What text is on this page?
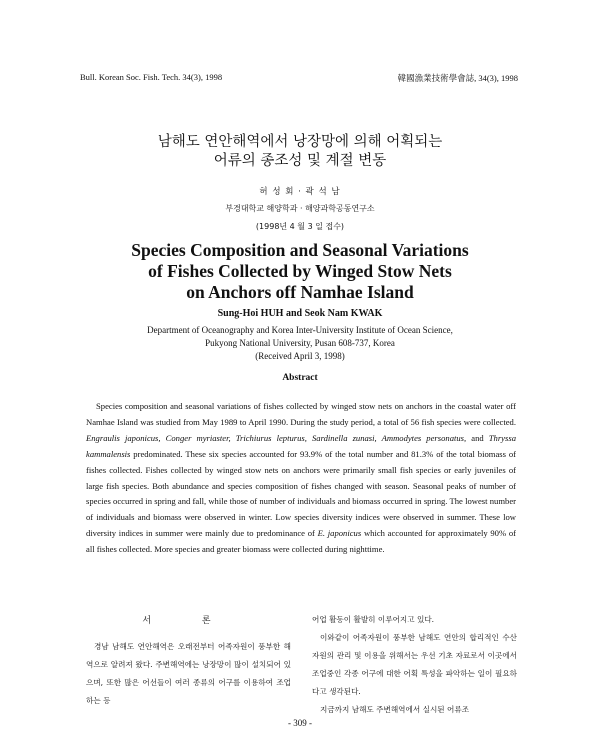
Bull. Korean Soc. Fish. Tech. 34(3), 1998	韓國漁業技術學會誌, 34(3), 1998
남해도 연안해역에서 낭장망에 의해 어획되는
어류의 종조성 및 계절 변동
허 성 회 · 곽 석 남
부경대학교 해양학과 · 해양과학공동연구소
(1998년 4 월 3 일 접수)
Species Composition and Seasonal Variations
of Fishes Collected by Winged Stow Nets
on Anchors off Namhae Island
Sung-Hoi HUH and Seok Nam KWAK
Department of Oceanography and Korea Inter-University Institute of Ocean Science,
Pukyong National University, Pusan 608-737, Korea
(Received April 3, 1998)
Abstract
Species composition and seasonal variations of fishes collected by winged stow nets on anchors in the coastal water off Namhae Island was studied from May 1989 to April 1990. During the study period, a total of 56 fish species were collected. Engraulis japonicus, Conger myriaster, Trichiurus lepturus, Sardinella zunasi, Ammodytes personatus, and Thryssa kammalensis predominated. These six species accounted for 93.9% of the total number and 81.3% of the total biomass of fishes collected. Fishes collected by winged stow nets on anchors were primarily small fish species or early juveniles of large fish species. Both abundance and species composition of fishes changed with season. Seasonal peaks of number of species occurred in spring and fall, while those of number of individuals and biomass occurred in spring. The lowest number of individuals and biomass were observed in winter. Low species diversity indices were observed in summer. These low diversity indices in summer were mainly due to predominance of E. japonicus which accounted for approximately 90% of all fishes collected. More species and greater biomass were collected during nighttime.
서 론
경남 남해도 연안해역은 오래전부터 어족자원이 풍부한 해역으로 알려져 왔다. 주변해역에는 낭장망이 많이 설치되어 있으며, 또한 많은 어선들이 여러 종류의 어구를 이용하여 조업하는 등
어업 활동이 활발히 이루어지고 있다.
이와같이 어족자원이 풍부한 남해도 연안의 합리적인 수산자원의 관리 및 이용을 위해서는 우선 기초 자료로서 이곳에서 조업중인 각종 어구에 대한 어획 특성을 파악하는 일이 필요하다고 생각된다.
지금까지 남해도 주변해역에서 실시된 어류조
- 309 -
